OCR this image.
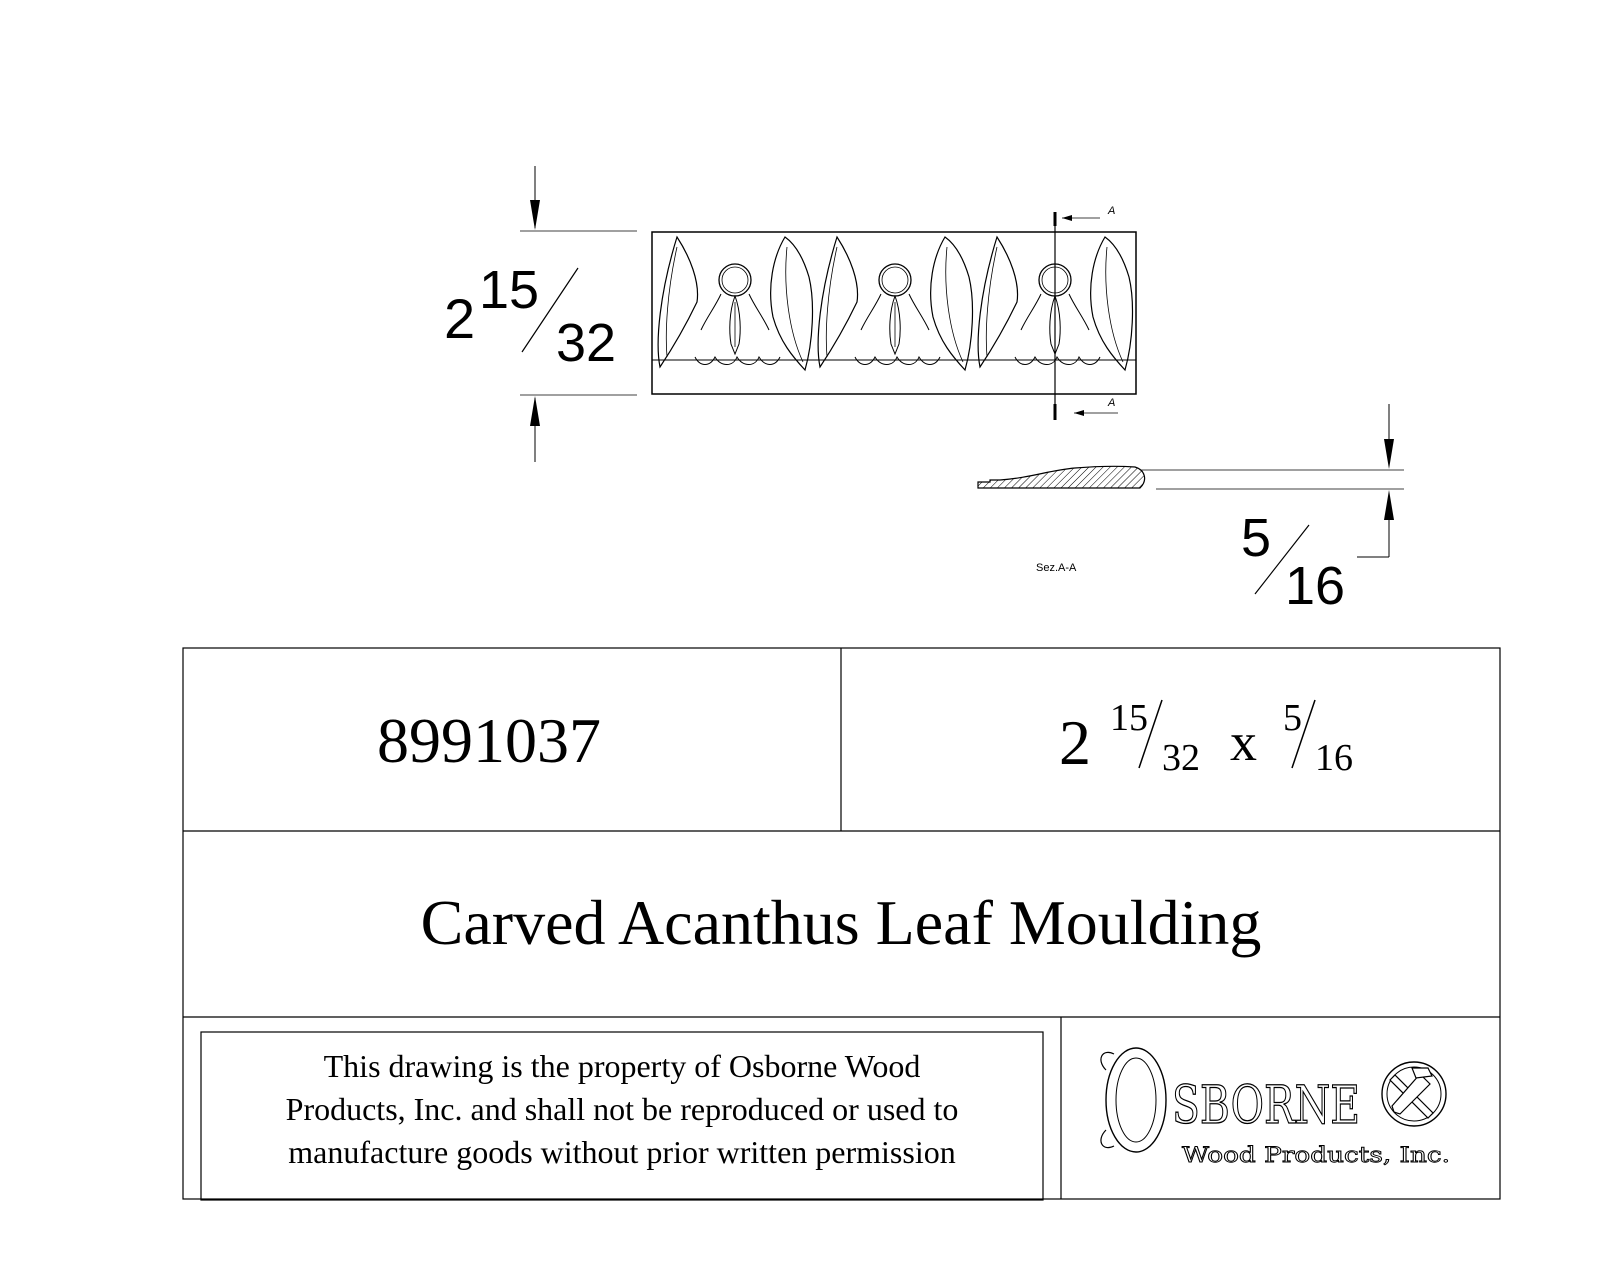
A
A
2 15
32
Sez.A-A	5
16
8991037	2 15
32 x 5
16
Carved Acanthus Leaf Moulding
This drawing is the property of Osborne Wood
Products, Inc. and shall not be reproduced or used to
manufacture goods without prior written permission
SBORNE
Wood Products, Inc.
